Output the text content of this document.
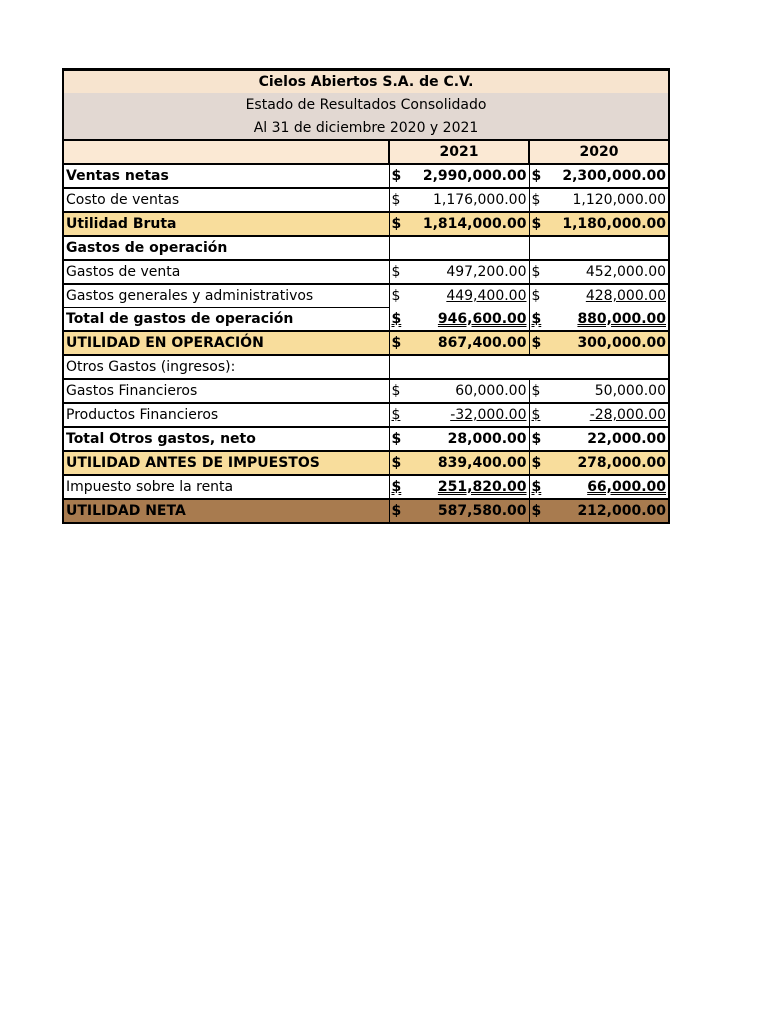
Cielos Abiertos S.A. de C.V.				
Estado de Resultados Consolidado				
Al 31 de diciembre 2020 y 2021				
	2021		2020	
Ventas netas	$	2,990,000.00	$	2,300,000.00
Costo de ventas	$	1,176,000.00	$	1,120,000.00
Utilidad Bruta	$	1,814,000.00	$	1,180,000.00
Gastos de operación				
Gastos de venta	$	497,200.00	$	452,000.00
Gastos generales y administrativos	$	449,400.00	$	428,000.00
Total de gastos de operación	$	946,600.00	$	880,000.00
UTILIDAD EN OPERACIÓN	$	867,400.00	$	300,000.00
Otros Gastos (ingresos):				
Gastos Financieros	$	60,000.00	$	50,000.00
Productos Financieros	$	-32,000.00	$	-28,000.00
Total Otros gastos, neto	$	28,000.00	$	22,000.00
UTILIDAD ANTES DE IMPUESTOS	$	839,400.00	$	278,000.00
Impuesto sobre la renta	$	251,820.00	$	66,000.00
UTILIDAD NETA	$	587,580.00	$	212,000.00
